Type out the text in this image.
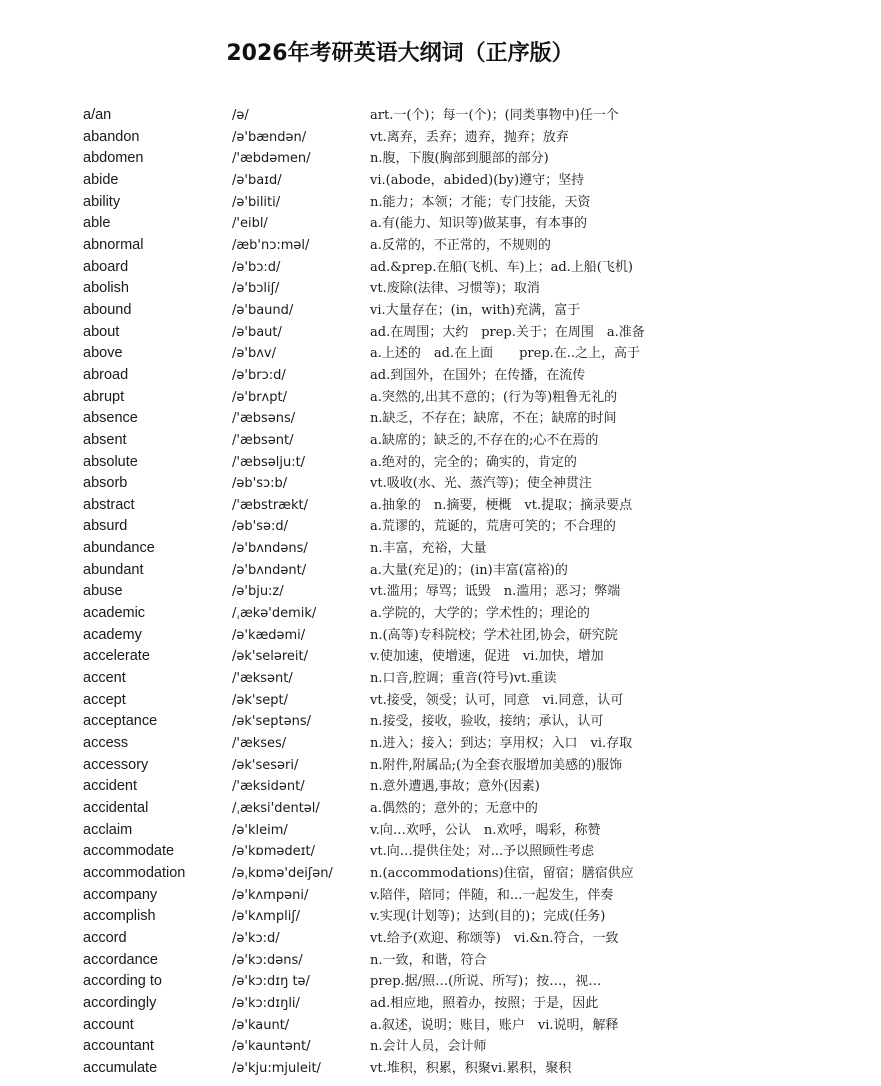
2026年考研英语大纲词（正序版）
a/an	/ə/	art.一(个)；每一(个)；(同类事物中)任一个
abandon	/ə'bændən/	vt.离弃，丢弃；遗弃，抛弃；放弃
abdomen	/'æbdəmen/	n.腹，下腹(胸部到腿部的部分)
abide	/ə'baɪd/	vi.(abode，abided)(by)遵守；坚持
ability	/ə'biliti/	n.能力；本领；才能；专门技能，天资
able	/'eibl/	a.有(能力、知识等)做某事，有本事的
abnormal	/æb'nɔ:məl/	a.反常的，不正常的，不规则的
aboard	/ə'bɔ:d/	ad.&prep.在船(飞机、车)上；ad.上船(飞机)
abolish	/ə'bɔliʃ/	vt.废除(法律、习惯等)；取消
abound	/ə'baund/	vi.大量存在；(in，with)充满，富于
about	/ə'baut/	ad.在周围；大约　prep.关于；在周围　a.准备
above	/ə'bʌv/	a.上述的　ad.在上面　　prep.在..之上，高于
abroad	/ə'brɔ:d/	ad.到国外，在国外；在传播，在流传
abrupt	/ə'brʌpt/	a.突然的,出其不意的；(行为等)粗鲁无礼的
absence	/'æbsəns/	n.缺乏，不存在；缺席，不在；缺席的时间
absent	/'æbsənt/	a.缺席的；缺乏的,不存在的;心不在焉的
absolute	/'æbsəlju:t/	a.绝对的，完全的；确实的，肯定的
absorb	/əb'sɔ:b/	vt.吸收(水、光、蒸汽等)；使全神贯注
abstract	/'æbstrækt/	a.抽象的　n.摘要，梗概　vt.提取；摘录要点
absurd	/əb'sə:d/	a.荒谬的，荒诞的，荒唐可笑的；不合理的
abundance	/ə'bʌndəns/	n.丰富，充裕，大量
abundant	/ə'bʌndənt/	a.大量(充足)的；(in)丰富(富裕)的
abuse	/ə'bju:z/	vt.滥用；辱骂；诋毁　n.滥用；恶习；弊端
academic	/ˌækə'demik/	a.学院的，大学的；学术性的；理论的
academy	/ə'kædəmi/	n.(高等)专科院校；学术社团,协会，研究院
accelerate	/ək'seləreit/	v.使加速，使增速，促进　vi.加快，增加
accent	/'æksənt/	n.口音,腔调；重音(符号)vt.重读
accept	/ək'sept/	vt.接受，领受；认可，同意　vi.同意，认可
acceptance	/ək'septəns/	n.接受，接收，验收，接纳；承认，认可
access	/'ækses/	n.进入；接入；到达；享用权；入口　vi.存取
accessory	/ək'sesəri/	n.附件,附属品;(为全套衣服增加美感的)服饰
accident	/'æksidənt/	n.意外遭遇,事故；意外(因素)
accidental	/ˌæksi'dentəl/	a.偶然的；意外的；无意中的
acclaim	/ə'kleim/	v.向…欢呼，公认　n.欢呼，喝彩，称赞
accommodate	/ə'kɒmədeɪt/	vt.向…提供住处；对...予以照顾性考虑
accommodation	/əˌkɒmə'deiʃən/	n.(accommodations)住宿，留宿；膳宿供应
accompany	/ə'kʌmpəni/	v.陪伴，陪同；伴随，和...一起发生，伴奏
accomplish	/ə'kʌmpliʃ/	v.实现(计划等)；达到(目的)；完成(任务)
accord	/ə'kɔ:d/	vt.给予(欢迎、称颂等)　vi.&n.符合，一致
accordance	/ə'kɔ:dəns/	n.一致，和谐，符合
according to	/ə'kɔ:dɪŋ tə/	prep.据/照…(所说、所写)；按…，视…
accordingly	/ə'kɔ:dɪŋli/	ad.相应地，照着办，按照；于是，因此
account	/ə'kaunt/	a.叙述，说明；账目，账户　vi.说明，解释
accountant	/ə'kauntənt/	n.会计人员，会计师
accumulate	/ə'kju:mjuleit/	vt.堆积，积累，积聚vi.累积，聚积
